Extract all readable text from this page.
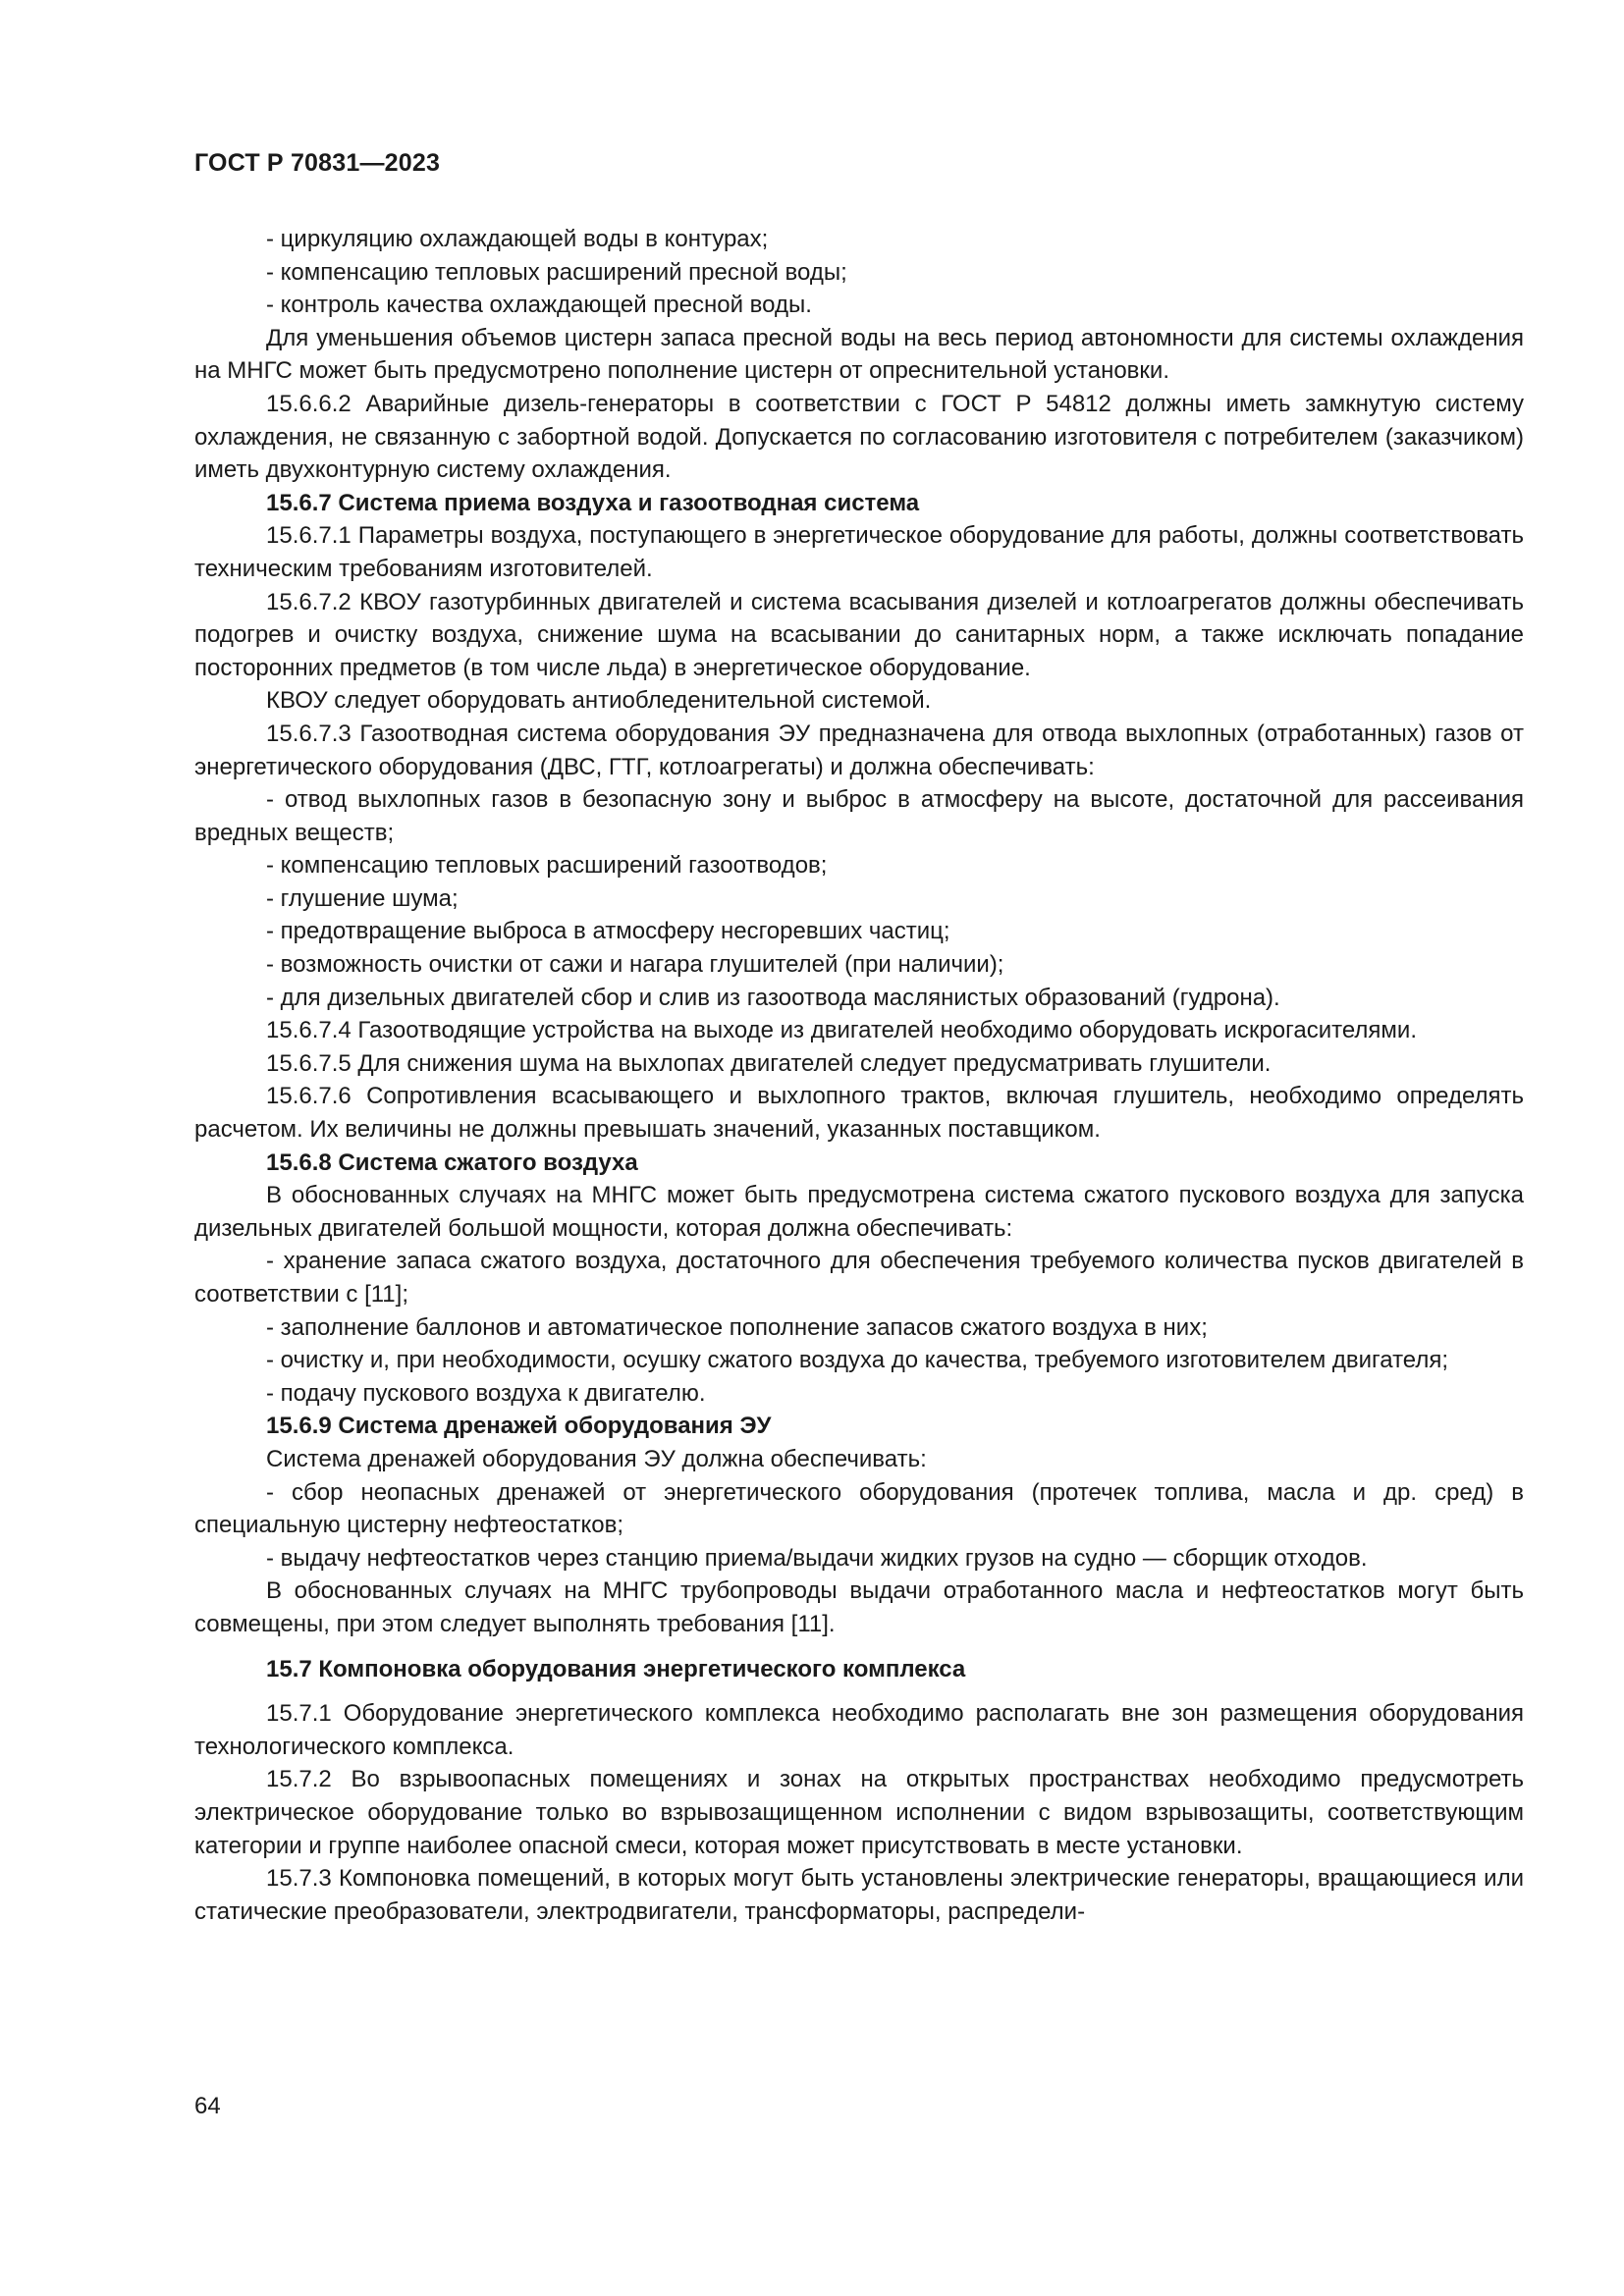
ГОСТ Р 70831—2023

- циркуляцию охлаждающей воды в контурах;

- компенсацию тепловых расширений пресной воды;

- контроль качества охлаждающей пресной воды.

Для уменьшения объемов цистерн запаса пресной воды на весь период автономности для системы охлаждения на МНГС может быть предусмотрено пополнение цистерн от опреснительной установки.

15.6.6.2 Аварийные дизель-генераторы в соответствии с ГОСТ Р 54812 должны иметь замкнутую систему охлаждения, не связанную с забортной водой. Допускается по согласованию изготовителя с потребителем (заказчиком) иметь двухконтурную систему охлаждения.

15.6.7 Система приема воздуха и газоотводная система

15.6.7.1 Параметры воздуха, поступающего в энергетическое оборудование для работы, должны соответствовать техническим требованиям изготовителей.

15.6.7.2 КВОУ газотурбинных двигателей и система всасывания дизелей и котлоагрегатов должны обеспечивать подогрев и очистку воздуха, снижение шума на всасывании до санитарных норм, а также исключать попадание посторонних предметов (в том числе льда) в энергетическое оборудование.

КВОУ следует оборудовать антиобледенительной системой.

15.6.7.3 Газоотводная система оборудования ЭУ предназначена для отвода выхлопных (отработанных) газов от энергетического оборудования (ДВС, ГТГ, котлоагрегаты) и должна обеспечивать:

- отвод выхлопных газов в безопасную зону и выброс в атмосферу на высоте, достаточной для рассеивания вредных веществ;

- компенсацию тепловых расширений газоотводов;

- глушение шума;

- предотвращение выброса в атмосферу несгоревших частиц;

- возможность очистки от сажи и нагара глушителей (при наличии);

- для дизельных двигателей сбор и слив из газоотвода маслянистых образований (гудрона).

15.6.7.4 Газоотводящие устройства на выходе из двигателей необходимо оборудовать искрогасителями.

15.6.7.5 Для снижения шума на выхлопах двигателей следует предусматривать глушители.

15.6.7.6 Сопротивления всасывающего и выхлопного трактов, включая глушитель, необходимо определять расчетом. Их величины не должны превышать значений, указанных поставщиком.

15.6.8 Система сжатого воздуха

В обоснованных случаях на МНГС может быть предусмотрена система сжатого пускового воздуха для запуска дизельных двигателей большой мощности, которая должна обеспечивать:

- хранение запаса сжатого воздуха, достаточного для обеспечения требуемого количества пусков двигателей в соответствии с [11];

- заполнение баллонов и автоматическое пополнение запасов сжатого воздуха в них;

- очистку и, при необходимости, осушку сжатого воздуха до качества, требуемого изготовителем двигателя;

- подачу пускового воздуха к двигателю.

15.6.9 Система дренажей оборудования ЭУ

Система дренажей оборудования ЭУ должна обеспечивать:

- сбор неопасных дренажей от энергетического оборудования (протечек топлива, масла и др. сред) в специальную цистерну нефтеостатков;

- выдачу нефтеостатков через станцию приема/выдачи жидких грузов на судно — сборщик отходов.

В обоснованных случаях на МНГС трубопроводы выдачи отработанного масла и нефтеостатков могут быть совмещены, при этом следует выполнять требования [11].

15.7 Компоновка оборудования энергетического комплекса

15.7.1 Оборудование энергетического комплекса необходимо располагать вне зон размещения оборудования технологического комплекса.

15.7.2 Во взрывоопасных помещениях и зонах на открытых пространствах необходимо предусмотреть электрическое оборудование только во взрывозащищенном исполнении с видом взрывозащиты, соответствующим категории и группе наиболее опасной смеси, которая может присутствовать в месте установки.

15.7.3 Компоновка помещений, в которых могут быть установлены электрические генераторы, вращающиеся или статические преобразователи, электродвигатели, трансформаторы, распредели-

64
